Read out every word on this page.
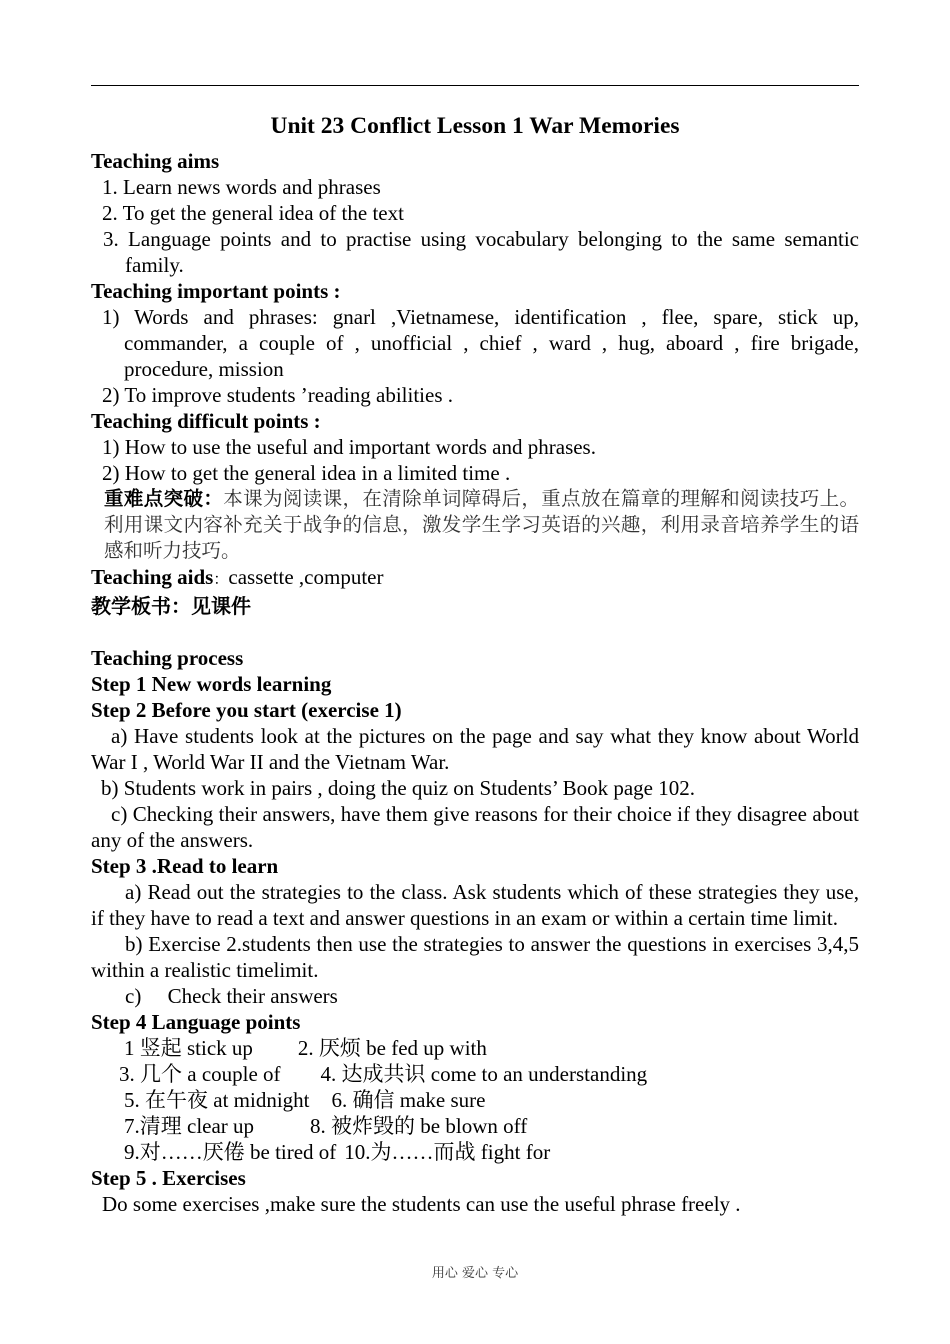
Unit 23 Conflict Lesson 1 War Memories
Teaching aims
1. Learn news words and phrases
2. To get the general idea of the text
3. Language points and to practise using vocabulary belonging to the same semantic family.
Teaching important points :
1) Words and phrases: gnarl ,Vietnamese, identification , flee, spare, stick up, commander, a couple of , unofficial , chief , ward , hug, aboard , fire brigade, procedure, mission
2) To improve students ’reading abilities .
Teaching difficult points :
1) How to use the useful and important words and phrases.
2) How to get the general idea in a limited time .
重难点突破：本课为阅读课，在清除单词障碍后，重点放在篇章的理解和阅读技巧上。利用课文内容补充关于战争的信息，激发学生学习英语的兴趣，利用录音培养学生的语感和听力技巧。
Teaching aids：cassette ,computer
教学板书：见课件
Teaching process
Step 1 New words learning
Step 2 Before you start (exercise 1)
a) Have students look at the pictures on the page and say what they know about World War I , World War II and the Vietnam War.
b) Students work in pairs , doing the quiz on Students’ Book page 102.
c) Checking their answers, have them give reasons for their choice if they disagree about any of the answers.
Step 3 .Read to learn
a) Read out the strategies to the class. Ask students which of these strategies they use, if they have to read a text and answer questions in an exam or within a certain time limit.
b) Exercise 2.students then use the strategies to answer the questions in exercises 3,4,5 within a realistic timelimit.
c)     Check their answers
Step 4 Language points
1 竖起 stick up 2. 厌烦 be fed up with
3. 几个 a couple of 4. 达成共识 come to an understanding
5. 在午夜 at midnight 6. 确信 make sure
7.清理 clear up	8. 被炸毁的 be blown off
9.对……厌倦 be tired of 10.为……而战 fight for
Step 5 . Exercises
Do some exercises ,make sure the students can use the useful phrase freely .
用心 爱心 专心
